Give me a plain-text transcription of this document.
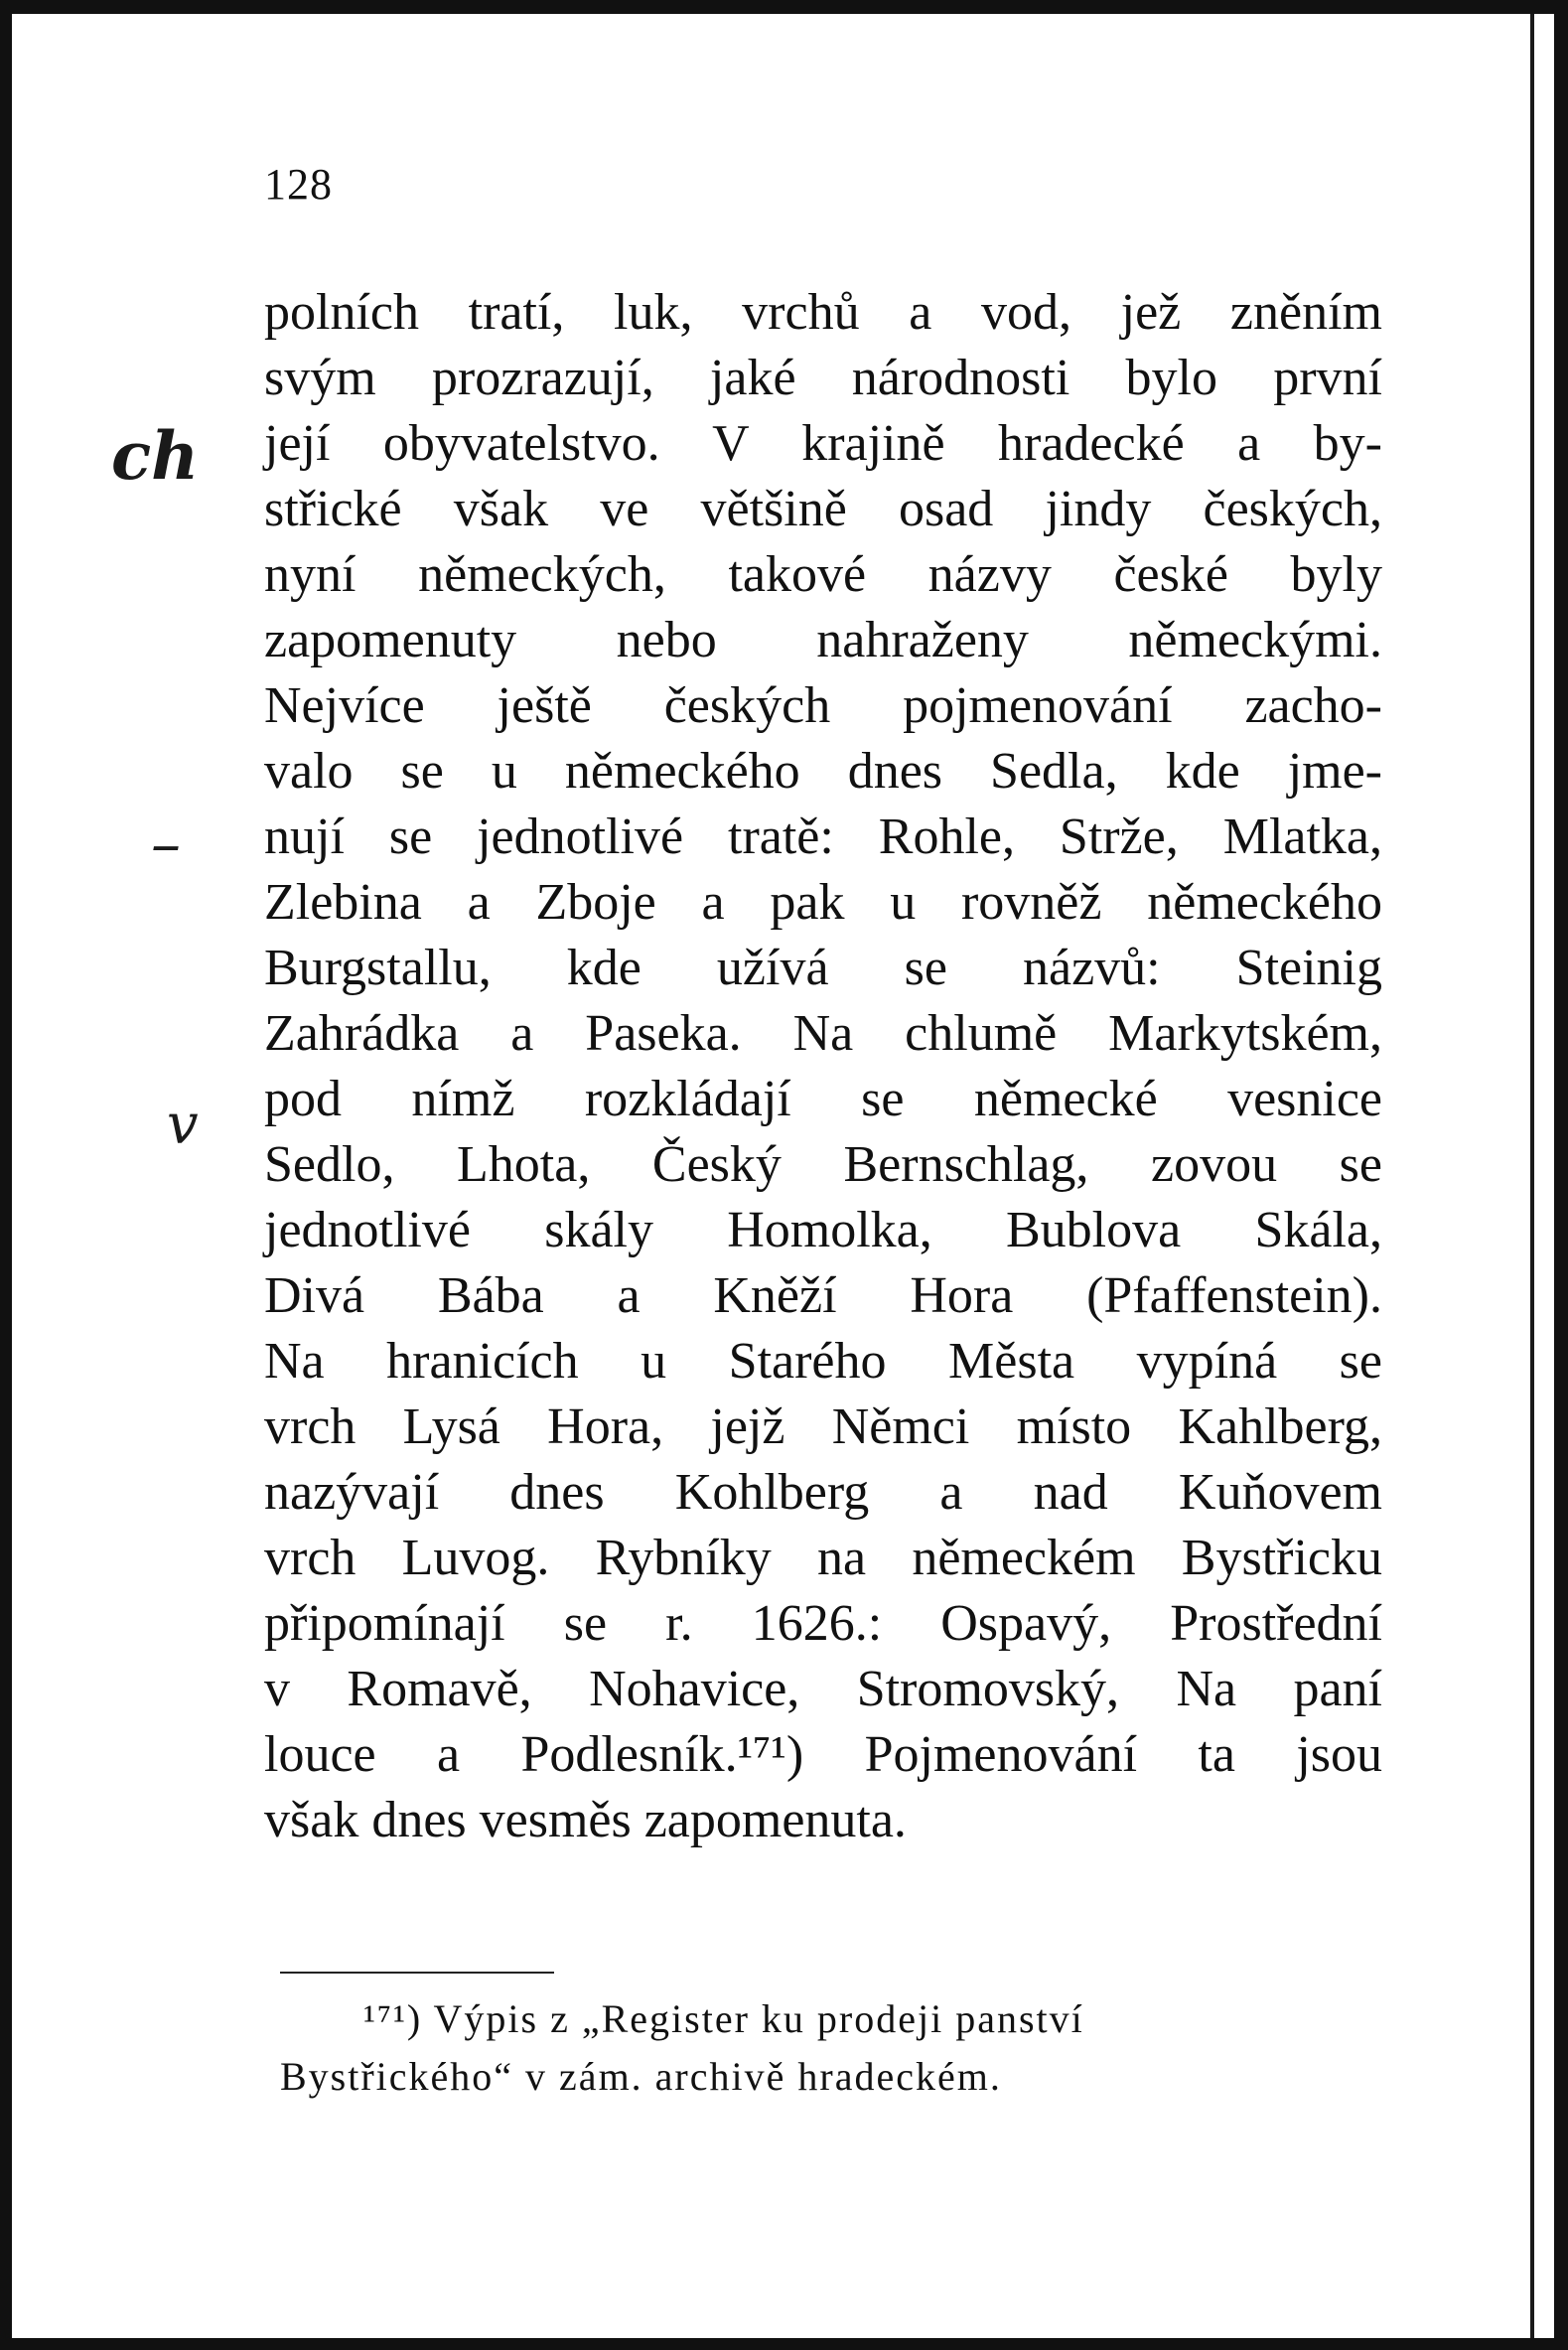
128
polních tratí, luk, vrchů a vod, jež zněním
svým prozrazují, jaké národnosti bylo první
její obyvatelstvo. V krajině hradecké a by-
střické však ve většině osad jindy českých,
nyní německých, takové názvy české byly
zapomenuty nebo nahraženy německými.
Nejvíce ještě českých pojmenování zacho-
valo se u německého dnes Sedla, kde jme-
nují se jednotlivé tratě: Rohle, Strže, Mlatka,
Zlebina a Zboje a pak u rovněž německého
Burgstallu, kde užívá se názvů: Steinig
Zahrádka a Paseka. Na chlumě Markytském,
pod nímž rozkládají se německé vesnice
Sedlo, Lhota, Český Bernschlag, zovou se
jednotlivé skály Homolka, Bublova Skála,
Divá Bába a Kněží Hora (Pfaffenstein).
Na hranicích u Starého Města vypíná se
vrch Lysá Hora, jejž Němci místo Kahlberg,
nazývají dnes Kohlberg a nad Kuňovem
vrch Luvog. Rybníky na německém Bystřicku
připomínají se r. 1626.: Ospavý, Prostřední
v Romavě, Nohavice, Stromovský, Na paní
louce a Podlesník.¹⁷¹) Pojmenování ta jsou
však dnes vesměs zapomenuta.
¹⁷¹) Výpis z „Register ku prodeji panství
Bystřického“ v zám. archivě hradeckém.
ch
–
v
